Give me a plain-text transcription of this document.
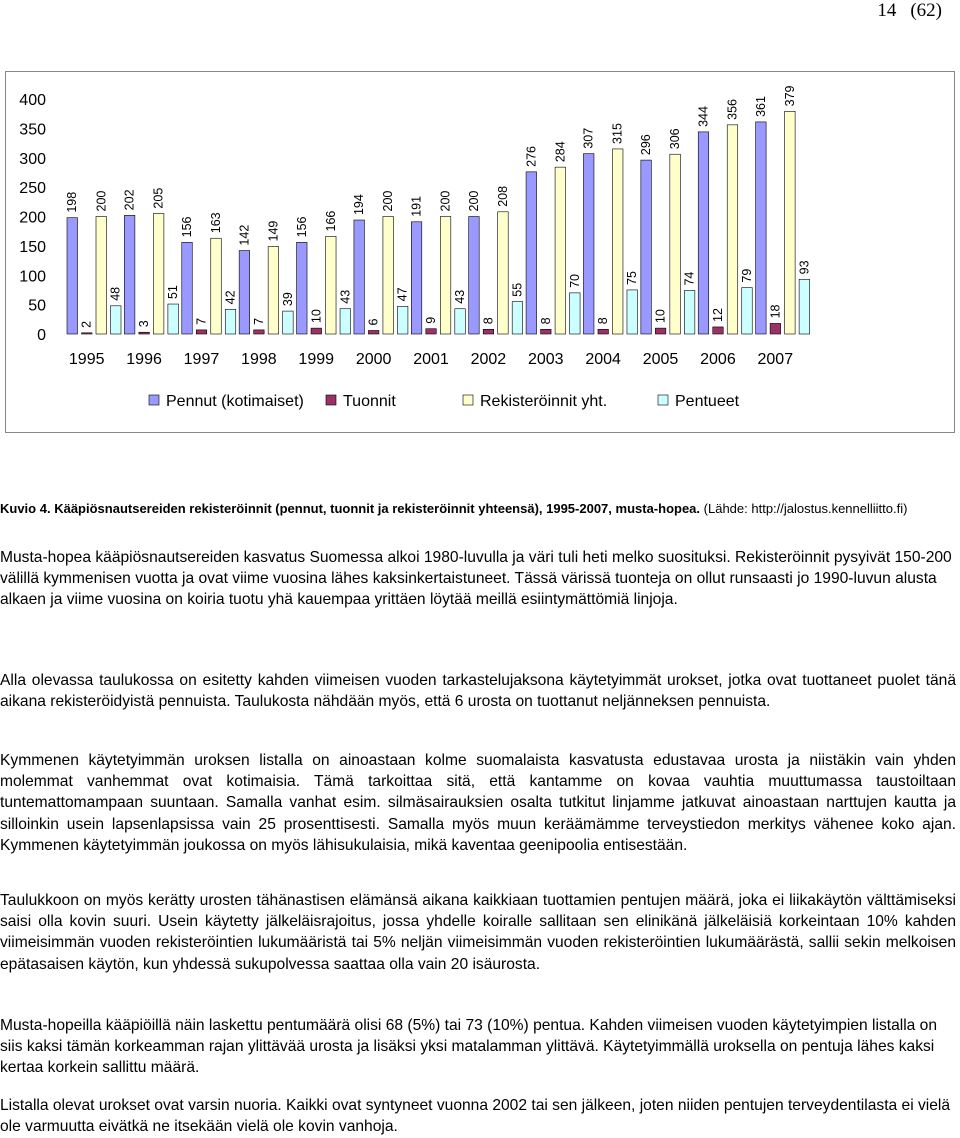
14 (62)
0
50
100
150
200
250
300
350
400
198	202
156	142	156
194	191	200
276
307	296
344	361
2	3	7	7	10	6	9	8	8	8	10	12	18
200	205
163	149	166
200	200	208
284
315	306
356
379
48	51	42	39	43	47	43
55
70	75	74	79
93
1995 1996 1997 1998 1999 2000 2001 2002 2003 2004 2005 2006 2007
Pennut (kotimaiset) Tuonnit	Rekisteröinnit yht.	Pentueet
Kuvio 4. Kääpiösnautsereiden rekisteröinnit (pennut, tuonnit ja rekisteröinnit yhteensä), 1995-2007, musta-hopea. (Lähde: http://jalostus.kennelliitto.fi)
Musta-hopea kääpiösnautsereiden kasvatus Suomessa alkoi 1980-luvulla ja väri tuli heti melko suosituksi. Rekisteröinnit pysyivät 150-200 välillä kymmenisen vuotta ja ovat viime vuosina lähes kaksinkertaistuneet. Tässä värissä tuonteja on ollut runsaasti jo 1990-luvun alusta alkaen ja viime vuosina on koiria tuotu yhä kauempaa yrittäen löytää meillä esiintymättömiä linjoja.
Alla olevassa taulukossa on esitetty kahden viimeisen vuoden tarkastelujaksona käytetyimmät urokset, jotka ovat tuottaneet puolet tänä aikana rekisteröidyistä pennuista. Taulukosta nähdään myös, että 6 urosta on tuottanut neljänneksen pennuista.
Kymmenen käytetyimmän uroksen listalla on ainoastaan kolme suomalaista kasvatusta edustavaa urosta ja niistäkin vain yhden molemmat vanhemmat ovat kotimaisia. Tämä tarkoittaa sitä, että kantamme on kovaa vauhtia muuttumassa taustoiltaan tuntemattomampaan suuntaan. Samalla vanhat esim. silmäsairauksien osalta tutkitut linjamme jatkuvat ainoastaan narttujen kautta ja silloinkin usein lapsenlapsissa vain 25 prosenttisesti. Samalla myös muun keräämämme terveystiedon merkitys vähenee koko ajan. Kymmenen käytetyimmän joukossa on myös lähisukulaisia, mikä kaventaa geenipoolia entisestään.
Taulukkoon on myös kerätty urosten tähänastisen elämänsä aikana kaikkiaan tuottamien pentujen määrä, joka ei liikakäytön välttämiseksi saisi olla kovin suuri. Usein käytetty jälkeläisrajoitus, jossa yhdelle koiralle sallitaan sen elinikänä jälkeläisiä korkeintaan 10% kahden viimeisimmän vuoden rekisteröintien lukumääristä tai 5% neljän viimeisimmän vuoden rekisteröintien lukumäärästä, sallii sekin melkoisen epätasaisen käytön, kun yhdessä sukupolvessa saattaa olla vain 20 isäurosta.
Musta-hopeilla kääpiöillä näin laskettu pentumäärä olisi 68 (5%) tai 73 (10%) pentua. Kahden viimeisen vuoden käytetyimpien listalla on siis kaksi tämän korkeamman rajan ylittävää urosta ja lisäksi yksi matalamman ylittävä. Käytetyimmällä uroksella on pentuja lähes kaksi kertaa korkein sallittu määrä.
Listalla olevat urokset ovat varsin nuoria. Kaikki ovat syntyneet vuonna 2002 tai sen jälkeen, joten niiden pentujen terveydentilasta ei vielä ole varmuutta eivätkä ne itsekään vielä ole kovin vanhoja.
